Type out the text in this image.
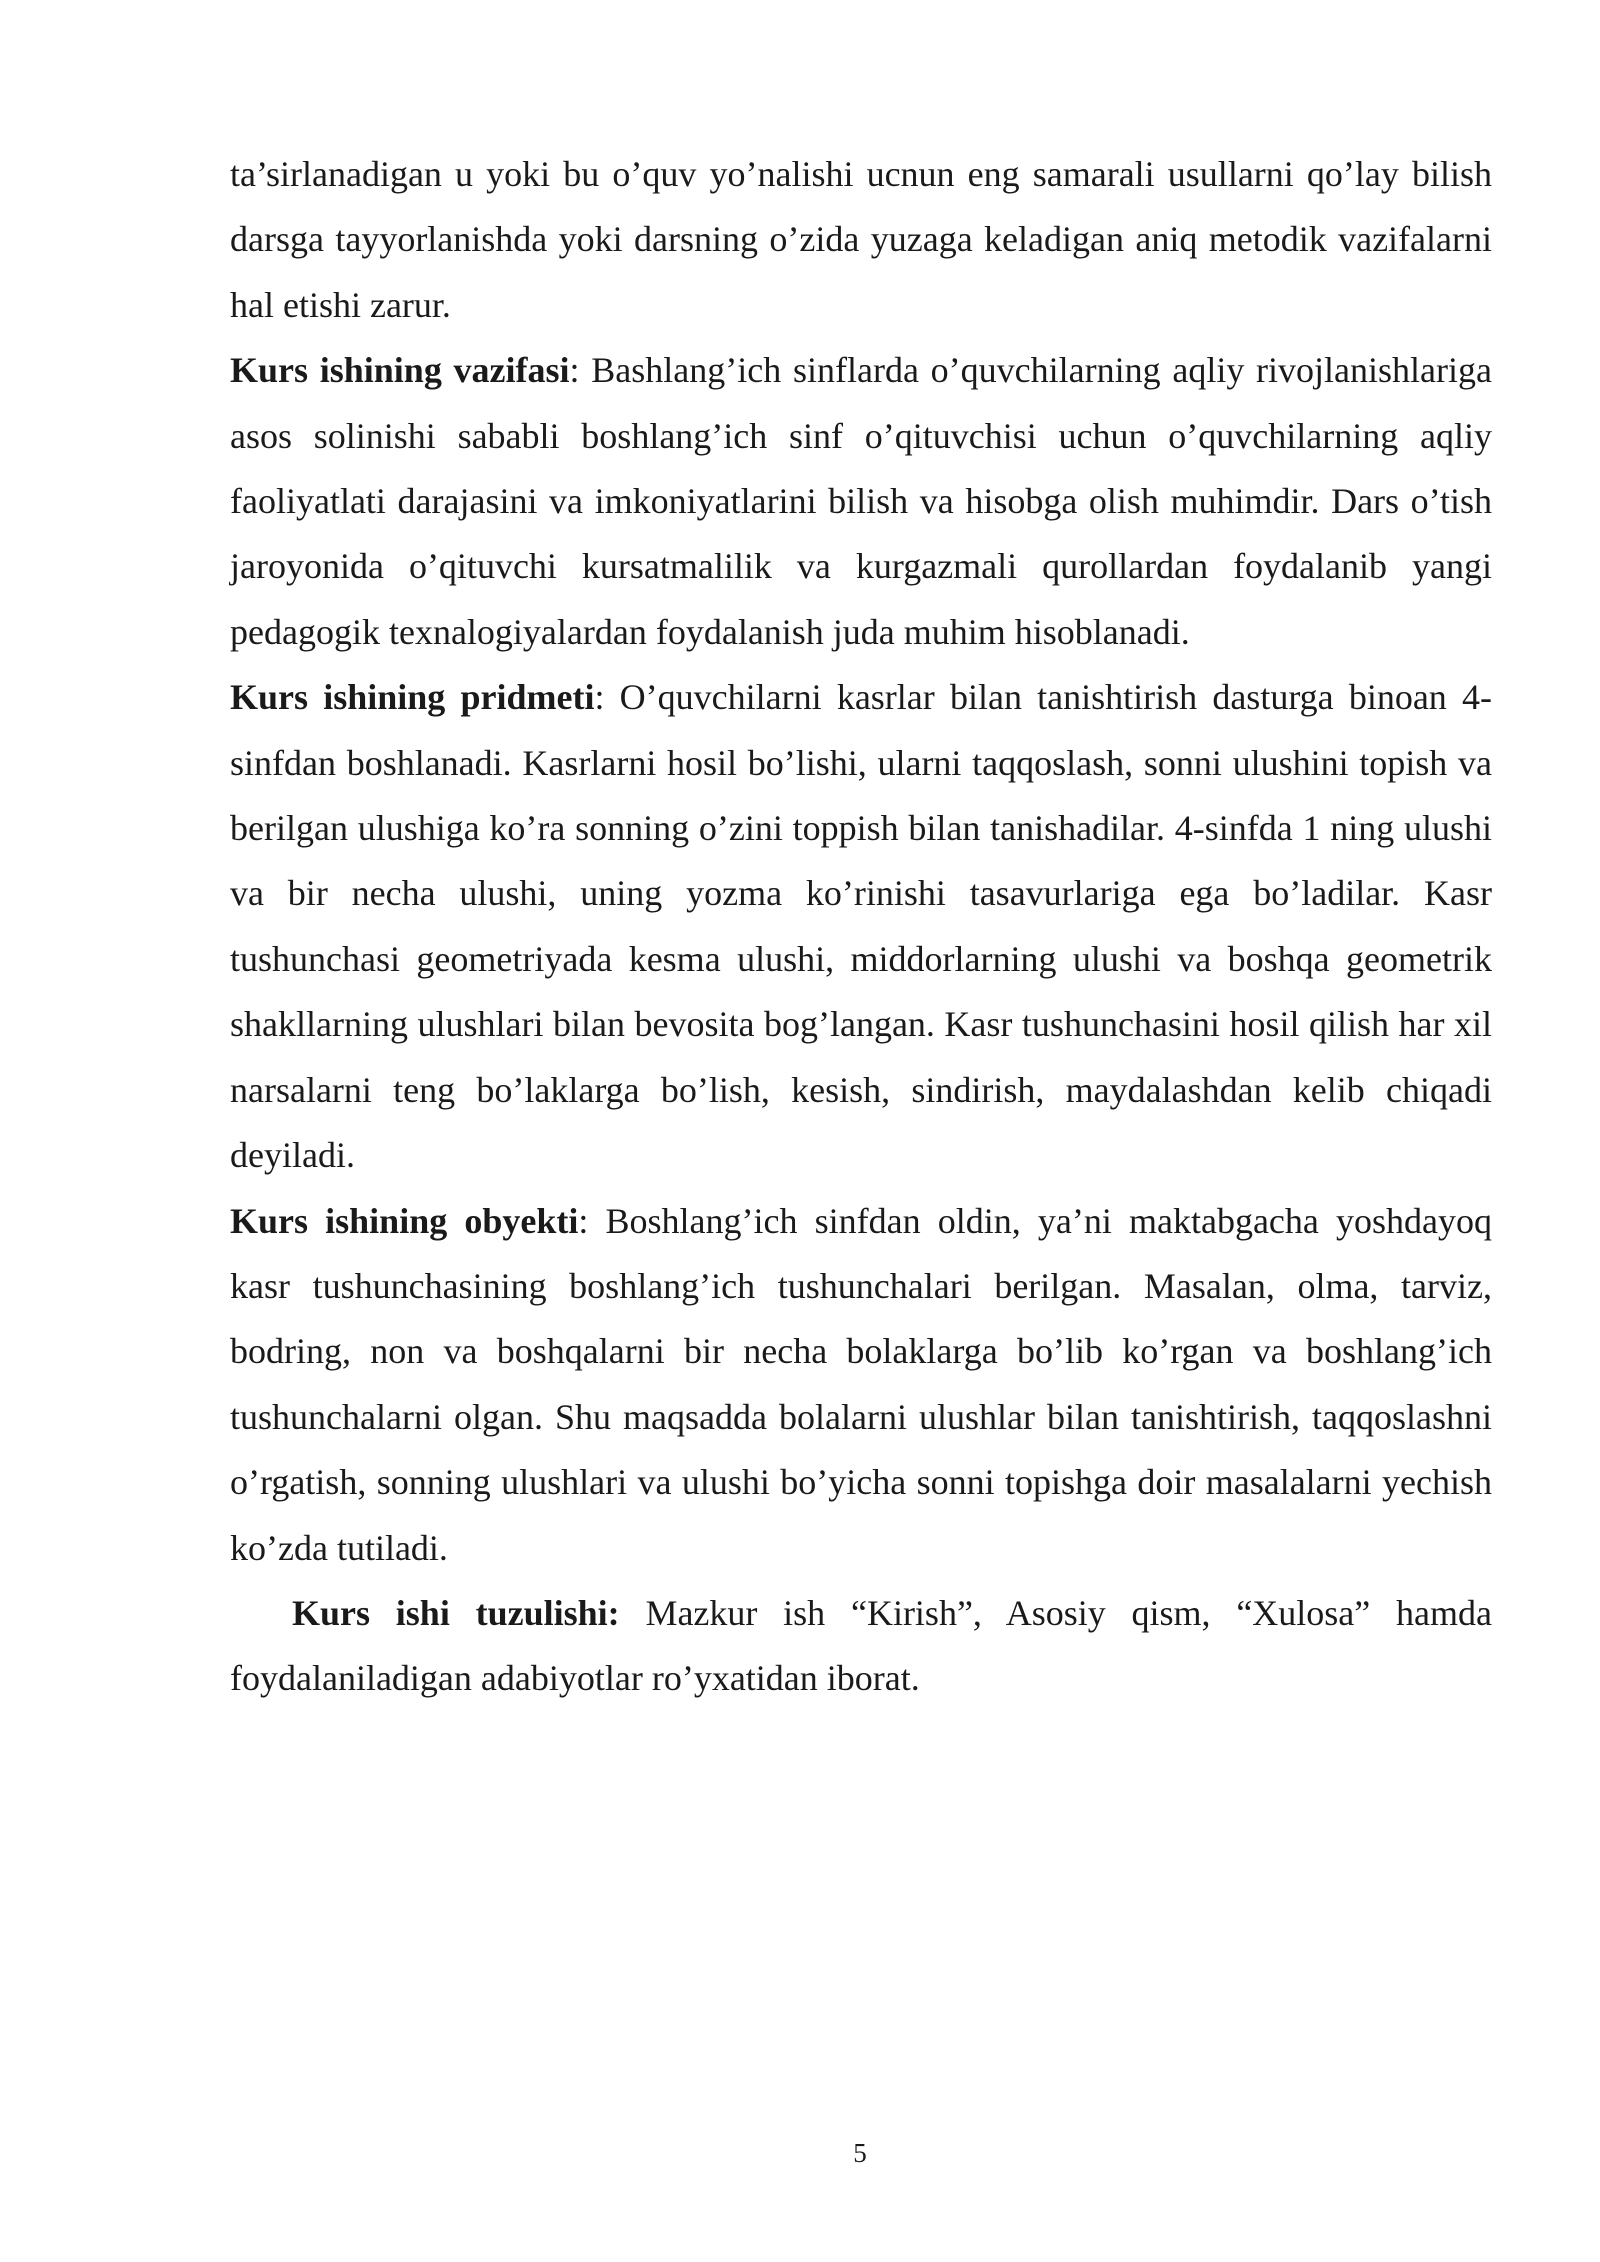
ta’sirlanadigan u yoki bu o’quv yo’nalishi ucnun eng samarali usullarni qo’lay bilish darsga tayyorlanishda yoki darsning o’zida yuzaga keladigan aniq metodik vazifalarni hal etishi zarur.

Kurs ishining vazifasi: Bashlang’ich sinflarda o’quvchilarning aqliy rivojlanishlariga asos solinishi sababli boshlang’ich sinf o’qituvchisi uchun o’quvchilarning aqliy faoliyatlati darajasini va imkoniyatlarini bilish va hisobga olish muhimdir. Dars o’tish jaroyonida o’qituvchi kursatmalilik va kurgazmali qurollardan foydalanib yangi pedagogik texnalogiyalardan foydalanish juda muhim hisoblanadi.

Kurs ishining pridmeti: O’quvchilarni kasrlar bilan tanishtirish dasturga binoan 4-sinfdan boshlanadi. Kasrlarni hosil bo’lishi, ularni taqqoslash, sonni ulushini topish va berilgan ulushiga ko’ra sonning o’zini toppish bilan tanishadilar. 4-sinfda 1 ning ulushi va bir necha ulushi, uning yozma ko’rinishi tasavurlariga ega bo’ladilar. Kasr tushunchasi geometriyada kesma ulushi, middorlarning ulushi va boshqa geometrik shakllarning ulushlari bilan bevosita bog’langan. Kasr tushunchasini hosil qilish har xil narsalarni teng bo’laklarga bo’lish, kesish, sindirish, maydalashdan kelib chiqadi deyiladi.

Kurs ishining obyekti: Boshlang’ich sinfdan oldin, ya’ni maktabgacha yoshdayoq kasr tushunchasining boshlang’ich tushunchalari berilgan. Masalan, olma, tarviz, bodring, non va boshqalarni bir necha bolaklarga bo’lib ko’rgan va boshlang’ich tushunchalarni olgan. Shu maqsadda bolalarni ulushlar bilan tanishtirish, taqqoslashni o’rgatish, sonning ulushlari va ulushi bo’yicha sonni topishga doir masalalarni yechish ko’zda tutiladi.

Kurs ishi tuzulishi: Mazkur ish “Kirish”, Asosiy qism, “Xulosa” hamda foydalaniladigan adabiyotlar ro’yxatidan iborat.

5
